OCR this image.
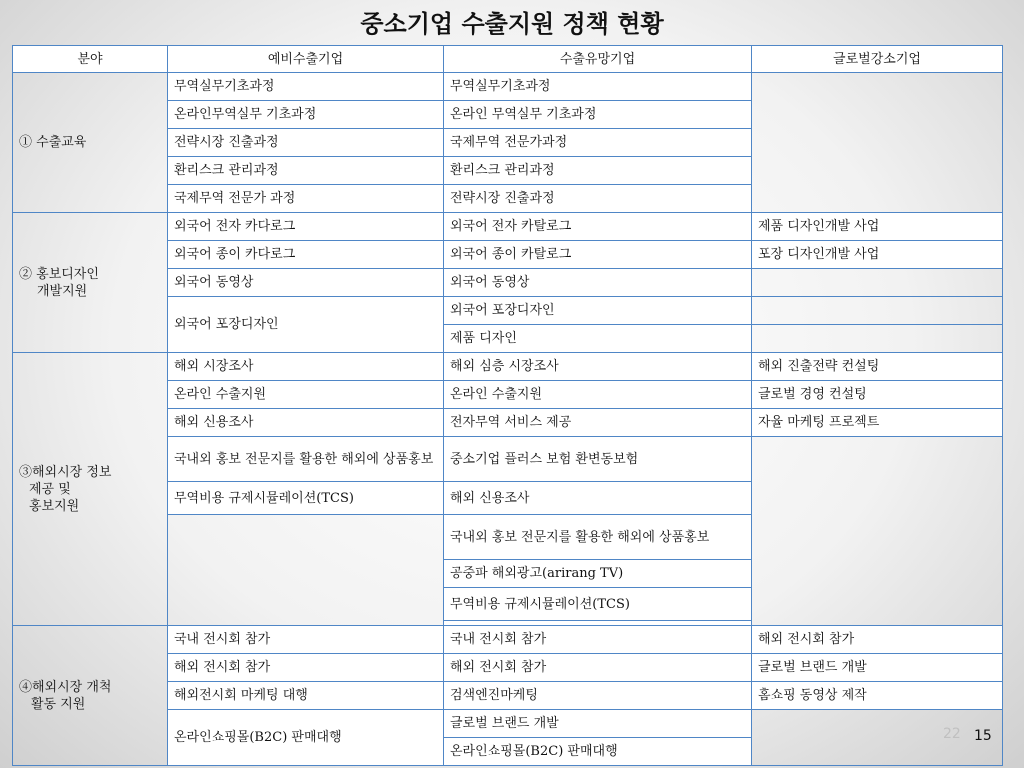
중소기업 수출지원 정책 현황
분야	예비수출기업	수출유망기업	글로벌강소기업

① 수출교육	무역실무기초과정	무역실무기초과정	
	온라인무역실무 기초과정	온라인 무역실무 기초과정	
	전략시장 진출과정	국제무역 전문가과정	
	환리스크 관리과정	환리스크 관리과정	
	국제무역 전문가 과정	전략시장 진출과정	

② 홍보디자인
개발지원	외국어 전자 카다로그	외국어 전자 카탈로그	제품 디자인개발 사업
	외국어 종이 카다로그	외국어 종이 카탈로그	포장 디자인개발 사업
	외국어 동영상	외국어 동영상	
	외국어 포장디자인	외국어 포장디자인	
		제품 디자인	

③해외시장 정보
제공 및
홍보지원	해외 시장조사	해외 심층 시장조사	해외 진출전략 컨설팅
	온라인 수출지원	온라인 수출지원	글로벌 경영 컨설팅
	해외 신용조사	전자무역 서비스 제공	자율 마케팅 프로젝트
	국내외 홍보 전문지를 활용한 해외에 상품홍보	중소기업 플러스 보험 환변동보험	
	무역비용 규제시뮬레이션(TCS)	해외 신용조사	
		국내외 홍보 전문지를 활용한 해외에 상품홍보	
		공중파 해외광고(arirang TV)	
		무역비용 규제시뮬레이션(TCS)	

④해외시장 개척
활동 지원	국내 전시회 참가	국내 전시회 참가	해외 전시회 참가
	해외 전시회 참가	해외 전시회 참가	글로벌 브랜드 개발
	해외전시회 마케팅 대행	검색엔진마케팅	홈쇼핑 동영상 제작
	온라인쇼핑몰(B2C) 판매대행	글로벌 브랜드 개발	
		온라인쇼핑몰(B2C) 판매대행	
22 15
